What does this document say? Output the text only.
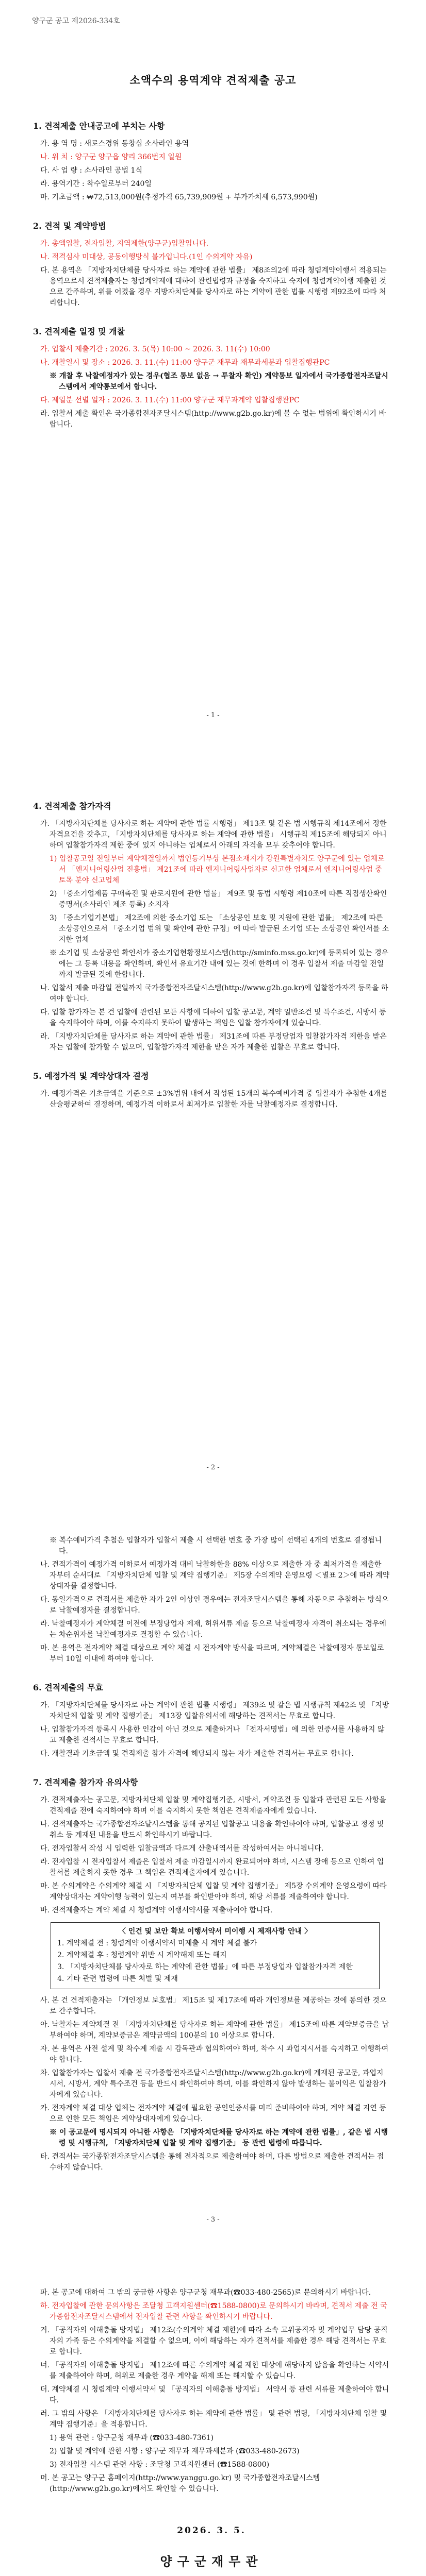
양구군 공고 제2026-334호
소액수의 용역계약 견적제출 공고
1. 견적제출 안내공고에 부치는 사항
가. 용 역 명 : 새로스경위 동창십 소사라인 용역
나. 위 치 : 양구군 양구읍 양리 366번지 일원
다. 사 업 량 : 소사라인 공법 1식
라. 용역기간 : 착수일로부터 240일
마. 기초금액 : ₩72,513,000원(추정가격 65,739,909원 + 부가가치세 6,573,990원)
2. 견적 및 계약방법
가. 총액입찰, 전자입찰, 지역제한(양구군)입찰입니다.
나. 적격심사 미대상, 공동이행방식 불가입니다.(1인 수의계약 자유)
다. 본 용역은 「지방자치단체를 당사자로 하는 계약에 관한 법률」 제8조의2에 따라 청렴계약이행서 적용되는 용역으로서 견적제출자는 청렴계약제에 대하여 관련법령과 규정을 숙지하고 숙지에 청렴계약이행 제출한 것으로 간주하며, 위를 어겼을 경우 지방자치단체를 당사자로 하는 계약에 관한 법률 시행령 제92조에 따라 처리합니다.
3. 견적제출 일정 및 개찰
가. 입찰서 제출기간 : 2026. 3. 5(목) 10:00 ~ 2026. 3. 11(수) 10:00
나. 개찰일시 및 장소 : 2026. 3. 11.(수) 11:00 양구군 재무과 재무과세분과 입찰집행관PC
※ 개찰 후 낙찰예정자가 있는 경우(협조 통보 없음 → 투찰자 확인) 계약통보 일자에서 국가종합전자조달시스템에서 계약통보에서 합니다.
다. 제일분 선별 일자 : 2026. 3. 11.(수) 11:00 양구군 재무과계약 입찰집행관PC
라. 입찰서 제출 확인은 국가종합전자조달시스템(http://www.g2b.go.kr)에 볼 수 없는 범위에 확인하시기 바랍니다.
- 1 -
4. 견적제출 참가자격
가. 「지방자치단체를 당사자로 하는 계약에 관한 법률 시행령」 제13조 및 같은 법 시행규칙 제14조에서 정한 자격요건을 갖추고, 「지방자치단체를 당사자로 하는 계약에 관한 법률」 시행규칙 제15조에 해당되지 아니하며 입찰참가자격 제한 중에 있지 아니하는 업체로서 아래의 자격을 모두 갖추어야 합니다.
1) 입찰공고일 전일부터 계약체결일까지 법인등기부상 본점소재지가 강원특별자치도 양구군에 있는 업체로서 「엔지니어링산업 진흥법」 제21조에 따라 엔지니어링사업자로 신고한 업체로서 엔지니어링사업 중 토목 분야 신고업체
2) 「중소기업제품 구매촉진 및 판로지원에 관한 법률」 제9조 및 동법 시행령 제10조에 따른 직접생산확인증명서(소사라인 제조 등록) 소지자
3) 「중소기업기본법」 제2조에 의한 중소기업 또는 「소상공인 보호 및 지원에 관한 법률」 제2조에 따른 소상공인으로서 「중소기업 범위 및 확인에 관한 규정」에 따라 발급된 소기업 또는 소상공인 확인서를 소지한 업체
※ 소기업 및 소상공인 확인서가 중소기업현황정보시스템(http://sminfo.mss.go.kr)에 등록되어 있는 경우에는 그 등록 내용을 확인하며, 확인서 유효기간 내에 있는 것에 한하며 이 경우 입찰서 제출 마감일 전일까지 발급된 것에 한합니다.
나. 입찰서 제출 마감일 전일까지 국가종합전자조달시스템(http://www.g2b.go.kr)에 입찰참가자격 등록을 하여야 합니다.
다. 입찰 참가자는 본 건 입찰에 관련된 모든 사항에 대하여 입찰 공고문, 계약 일반조건 및 특수조건, 시방서 등을 숙지하여야 하며, 이를 숙지하지 못하여 발생하는 책임은 입찰 참가자에게 있습니다.
라. 「지방자치단체를 당사자로 하는 계약에 관한 법률」 제31조에 따른 부정당업자 입찰참가자격 제한을 받은 자는 입찰에 참가할 수 없으며, 입찰참가자격 제한을 받은 자가 제출한 입찰은 무효로 합니다.
5. 예정가격 및 계약상대자 결정
가. 예정가격은 기초금액을 기준으로 ±3%범위 내에서 작성된 15개의 복수예비가격 중 입찰자가 추첨한 4개를 산술평균하여 결정하며, 예정가격 이하로서 최저가로 입찰한 자를 낙찰예정자로 결정합니다.
- 2 -
※ 복수예비가격 추첨은 입찰자가 입찰서 제출 시 선택한 번호 중 가장 많이 선택된 4개의 번호로 결정됩니다.
나. 견적가격이 예정가격 이하로서 예정가격 대비 낙찰하한율 88% 이상으로 제출한 자 중 최저가격을 제출한 자부터 순서대로 「지방자치단체 입찰 및 계약 집행기준」 제5장 수의계약 운영요령 ＜별표 2＞에 따라 계약상대자를 결정합니다.
다. 동일가격으로 견적서를 제출한 자가 2인 이상인 경우에는 전자조달시스템을 통해 자동으로 추첨하는 방식으로 낙찰예정자를 결정합니다.
라. 낙찰예정자가 계약체결 이전에 부정당업자 제재, 허위서류 제출 등으로 낙찰예정자 자격이 취소되는 경우에는 차순위자를 낙찰예정자로 결정할 수 있습니다.
마. 본 용역은 전자계약 체결 대상으로 계약 체결 시 전자계약 방식을 따르며, 계약체결은 낙찰예정자 통보일로부터 10일 이내에 하여야 합니다.
6. 견적제출의 무효
가. 「지방자치단체를 당사자로 하는 계약에 관한 법률 시행령」 제39조 및 같은 법 시행규칙 제42조 및 「지방자치단체 입찰 및 계약 집행기준」 제13장 입찰유의서에 해당하는 견적서는 무효로 합니다.
나. 입찰참가자격 등록시 사용한 인감이 아닌 것으로 제출하거나 「전자서명법」에 의한 인증서를 사용하지 않고 제출한 견적서는 무효로 합니다.
다. 개찰결과 기초금액 및 견적제출 참가 자격에 해당되지 않는 자가 제출한 견적서는 무효로 합니다.
7. 견적제출 참가자 유의사항
가. 견적제출자는 공고문, 지방자치단체 입찰 및 계약집행기준, 시방서, 계약조건 등 입찰과 관련된 모든 사항을 견적제출 전에 숙지하여야 하며 이를 숙지하지 못한 책임은 견적제출자에게 있습니다.
나. 견적제출자는 국가종합전자조달시스템을 통해 공지된 입찰공고 내용을 확인하여야 하며, 입찰공고 정정 및 취소 등 게재된 내용을 반드시 확인하시기 바랍니다.
다. 전자입찰서 작성 시 입력한 입찰금액과 다르게 산출내역서를 작성하여서는 아니됩니다.
라. 전자입찰 시 전자입찰서 제출은 입찰서 제출 마감일시까지 완료되어야 하며, 시스템 장애 등으로 인하여 입찰서를 제출하지 못한 경우 그 책임은 견적제출자에게 있습니다.
마. 본 수의계약은 수의계약 체결 시 「지방자치단체 입찰 및 계약 집행기준」 제5장 수의계약 운영요령에 따라 계약상대자는 계약이행 능력이 있는지 여부를 확인받아야 하며, 해당 서류를 제출하여야 합니다.
바. 견적제출자는 계약 체결 시 청렴계약 이행서약서를 제출하여야 합니다.
〈 인건 및 보안 확보 이행서약서 미이행 시 제재사항 안내 〉
1. 계약체결 전 : 청렴계약 이행서약서 미제출 시 계약 체결 불가
2. 계약체결 후 : 청렴계약 위반 시 계약해제 또는 해지
3. 「지방자치단체를 당사자로 하는 계약에 관한 법률」에 따른 부정당업자 입찰참가자격 제한
4. 기타 관련 법령에 따른 처벌 및 제재
사. 본 건 견적제출자는 「개인정보 보호법」 제15조 및 제17조에 따라 개인정보를 제공하는 것에 동의한 것으로 간주합니다.
아. 낙찰자는 계약체결 전 「지방자치단체를 당사자로 하는 계약에 관한 법률」 제15조에 따른 계약보증금을 납부하여야 하며, 계약보증금은 계약금액의 100분의 10 이상으로 합니다.
자. 본 용역은 사전 설계 및 착수계 제출 시 감독관과 협의하여야 하며, 착수 시 과업지시서를 숙지하고 이행하여야 합니다.
차. 입찰참가자는 입찰서 제출 전 국가종합전자조달시스템(http://www.g2b.go.kr)에 게재된 공고문, 과업지시서, 시방서, 계약 특수조건 등을 반드시 확인하여야 하며, 이를 확인하지 않아 발생하는 불이익은 입찰참가자에게 있습니다.
카. 전자계약 체결 대상 업체는 전자계약 체결에 필요한 공인인증서를 미리 준비하여야 하며, 계약 체결 지연 등으로 인한 모든 책임은 계약상대자에게 있습니다.
※ 이 공고문에 명시되지 아니한 사항은 「지방자치단체를 당사자로 하는 계약에 관한 법률」, 같은 법 시행령 및 시행규칙, 「지방자치단체 입찰 및 계약 집행기준」 등 관련 법령에 따릅니다.
타. 견적서는 국가종합전자조달시스템을 통해 전자적으로 제출하여야 하며, 다른 방법으로 제출한 견적서는 접수하지 않습니다.
- 3 -
파. 본 공고에 대하여 그 밖의 궁금한 사항은 양구군청 재무과(☎033-480-2565)로 문의하시기 바랍니다.
하. 전자입찰에 관한 문의사항은 조달청 고객지원센터(☎1588-0800)로 문의하시기 바라며, 견적서 제출 전 국가종합전자조달시스템에서 전자입찰 관련 사항을 확인하시기 바랍니다.
거. 「공직자의 이해충돌 방지법」 제12조(수의계약 체결 제한)에 따라 소속 고위공직자 및 계약업무 담당 공직자의 가족 등은 수의계약을 체결할 수 없으며, 이에 해당하는 자가 견적서를 제출한 경우 해당 견적서는 무효로 합니다.
너. 「공직자의 이해충돌 방지법」 제12조에 따른 수의계약 체결 제한 대상에 해당하지 않음을 확인하는 서약서를 제출하여야 하며, 허위로 제출한 경우 계약을 해제 또는 해지할 수 있습니다.
더. 계약체결 시 청렴계약 이행서약서 및 「공직자의 이해충돌 방지법」 서약서 등 관련 서류를 제출하여야 합니다.
러. 그 밖의 사항은 「지방자치단체를 당사자로 하는 계약에 관한 법률」 및 관련 법령, 「지방자치단체 입찰 및 계약 집행기준」을 적용합니다.
1) 용역 관련 : 양구군청 재무과 (☎033-480-7361)
2) 입찰 및 계약에 관한 사항 : 양구군 재무과 재무과세분과 (☎033-480-2673)
3) 전자입찰 시스템 관련 사항 : 조달청 고객지원센터 (☎1588-0800)
머. 본 공고는 양구군 홈페이지(http://www.yanggu.go.kr) 및 국가종합전자조달시스템(http://www.g2b.go.kr)에서도 확인할 수 있습니다.
2026. 3. 5.
양구군재무관
